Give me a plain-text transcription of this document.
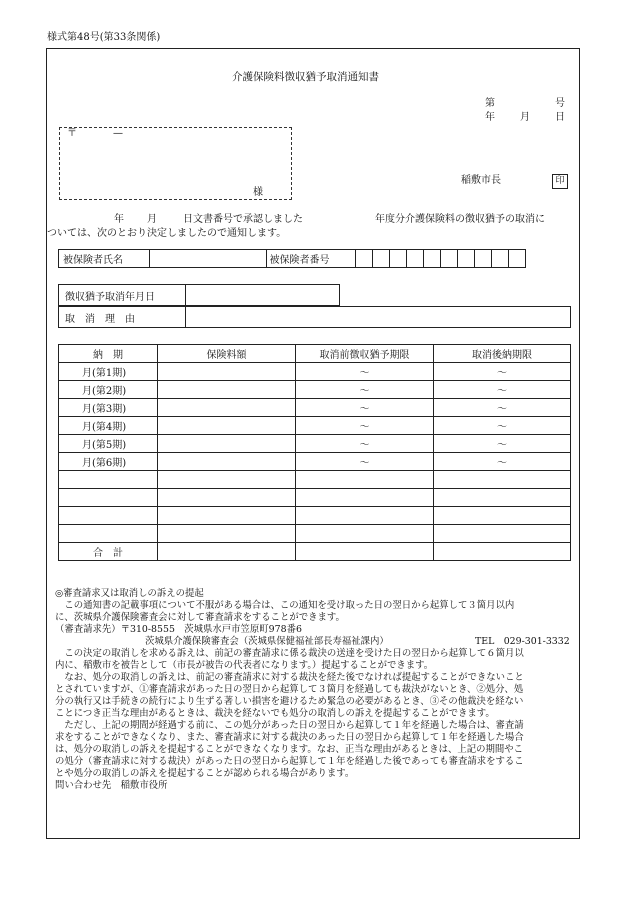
様式第48号(第33条関係)
介護保険料徴収猶予取消通知書
第	号
年	月	日
〒	—
様
稲敷市長	印
年 月	日文書番号で承認しました	年度分介護保険料の徴収猶予の取消に
ついては、次のとおり決定しましたので通知します。
被保険者氏名		被保険者番号										
徴収猶予取消年月日	
取　消　理　由	
納　期	保険料額	取消前徴収猶予期限	取消後納期限
月(第1期)		〜	〜
月(第2期)		〜	〜
月(第3期)		〜	〜
月(第4期)		〜	〜
月(第5期)		〜	〜
月(第6期)		〜	〜

合　計			
◎審査請求又は取消しの訴えの提起
　この通知書の記載事項について不服がある場合は、この通知を受け取った日の翌日から起算して３箇月以内
に、茨城県介護保険審査会に対して審査請求をすることができます。
（審査請求先）〒310-8555　茨城県水戸市笠原町978番6
茨城県介護保険審査会（茨城県保健福祉部長寿福祉課内）	TEL　029-301-3332
　この決定の取消しを求める訴えは、前記の審査請求に係る裁決の送達を受けた日の翌日から起算して６箇月以
内に、稲敷市を被告として（市長が被告の代表者になります。）提起することができます。
　なお、処分の取消しの訴えは、前記の審査請求に対する裁決を経た後でなければ提起することができないこと
とされていますが、①審査請求があった日の翌日から起算して３箇月を経過しても裁決がないとき、②処分、処
分の執行又は手続きの続行により生ずる著しい損害を避けるため緊急の必要があるとき、③その他裁決を経ない
ことにつき正当な理由があるときは、裁決を経ないでも処分の取消しの訴えを提起することができます。
　ただし、上記の期間が経過する前に、この処分があった日の翌日から起算して１年を経過した場合は、審査請
求をすることができなくなり、また、審査請求に対する裁決のあった日の翌日から起算して１年を経過した場合
は、処分の取消しの訴えを提起することができなくなります。なお、正当な理由があるときは、上記の期間やこ
の処分（審査請求に対する裁決）があった日の翌日から起算して１年を経過した後であっても審査請求をするこ
とや処分の取消しの訴えを提起することが認められる場合があります。
問い合わせ先　稲敷市役所
